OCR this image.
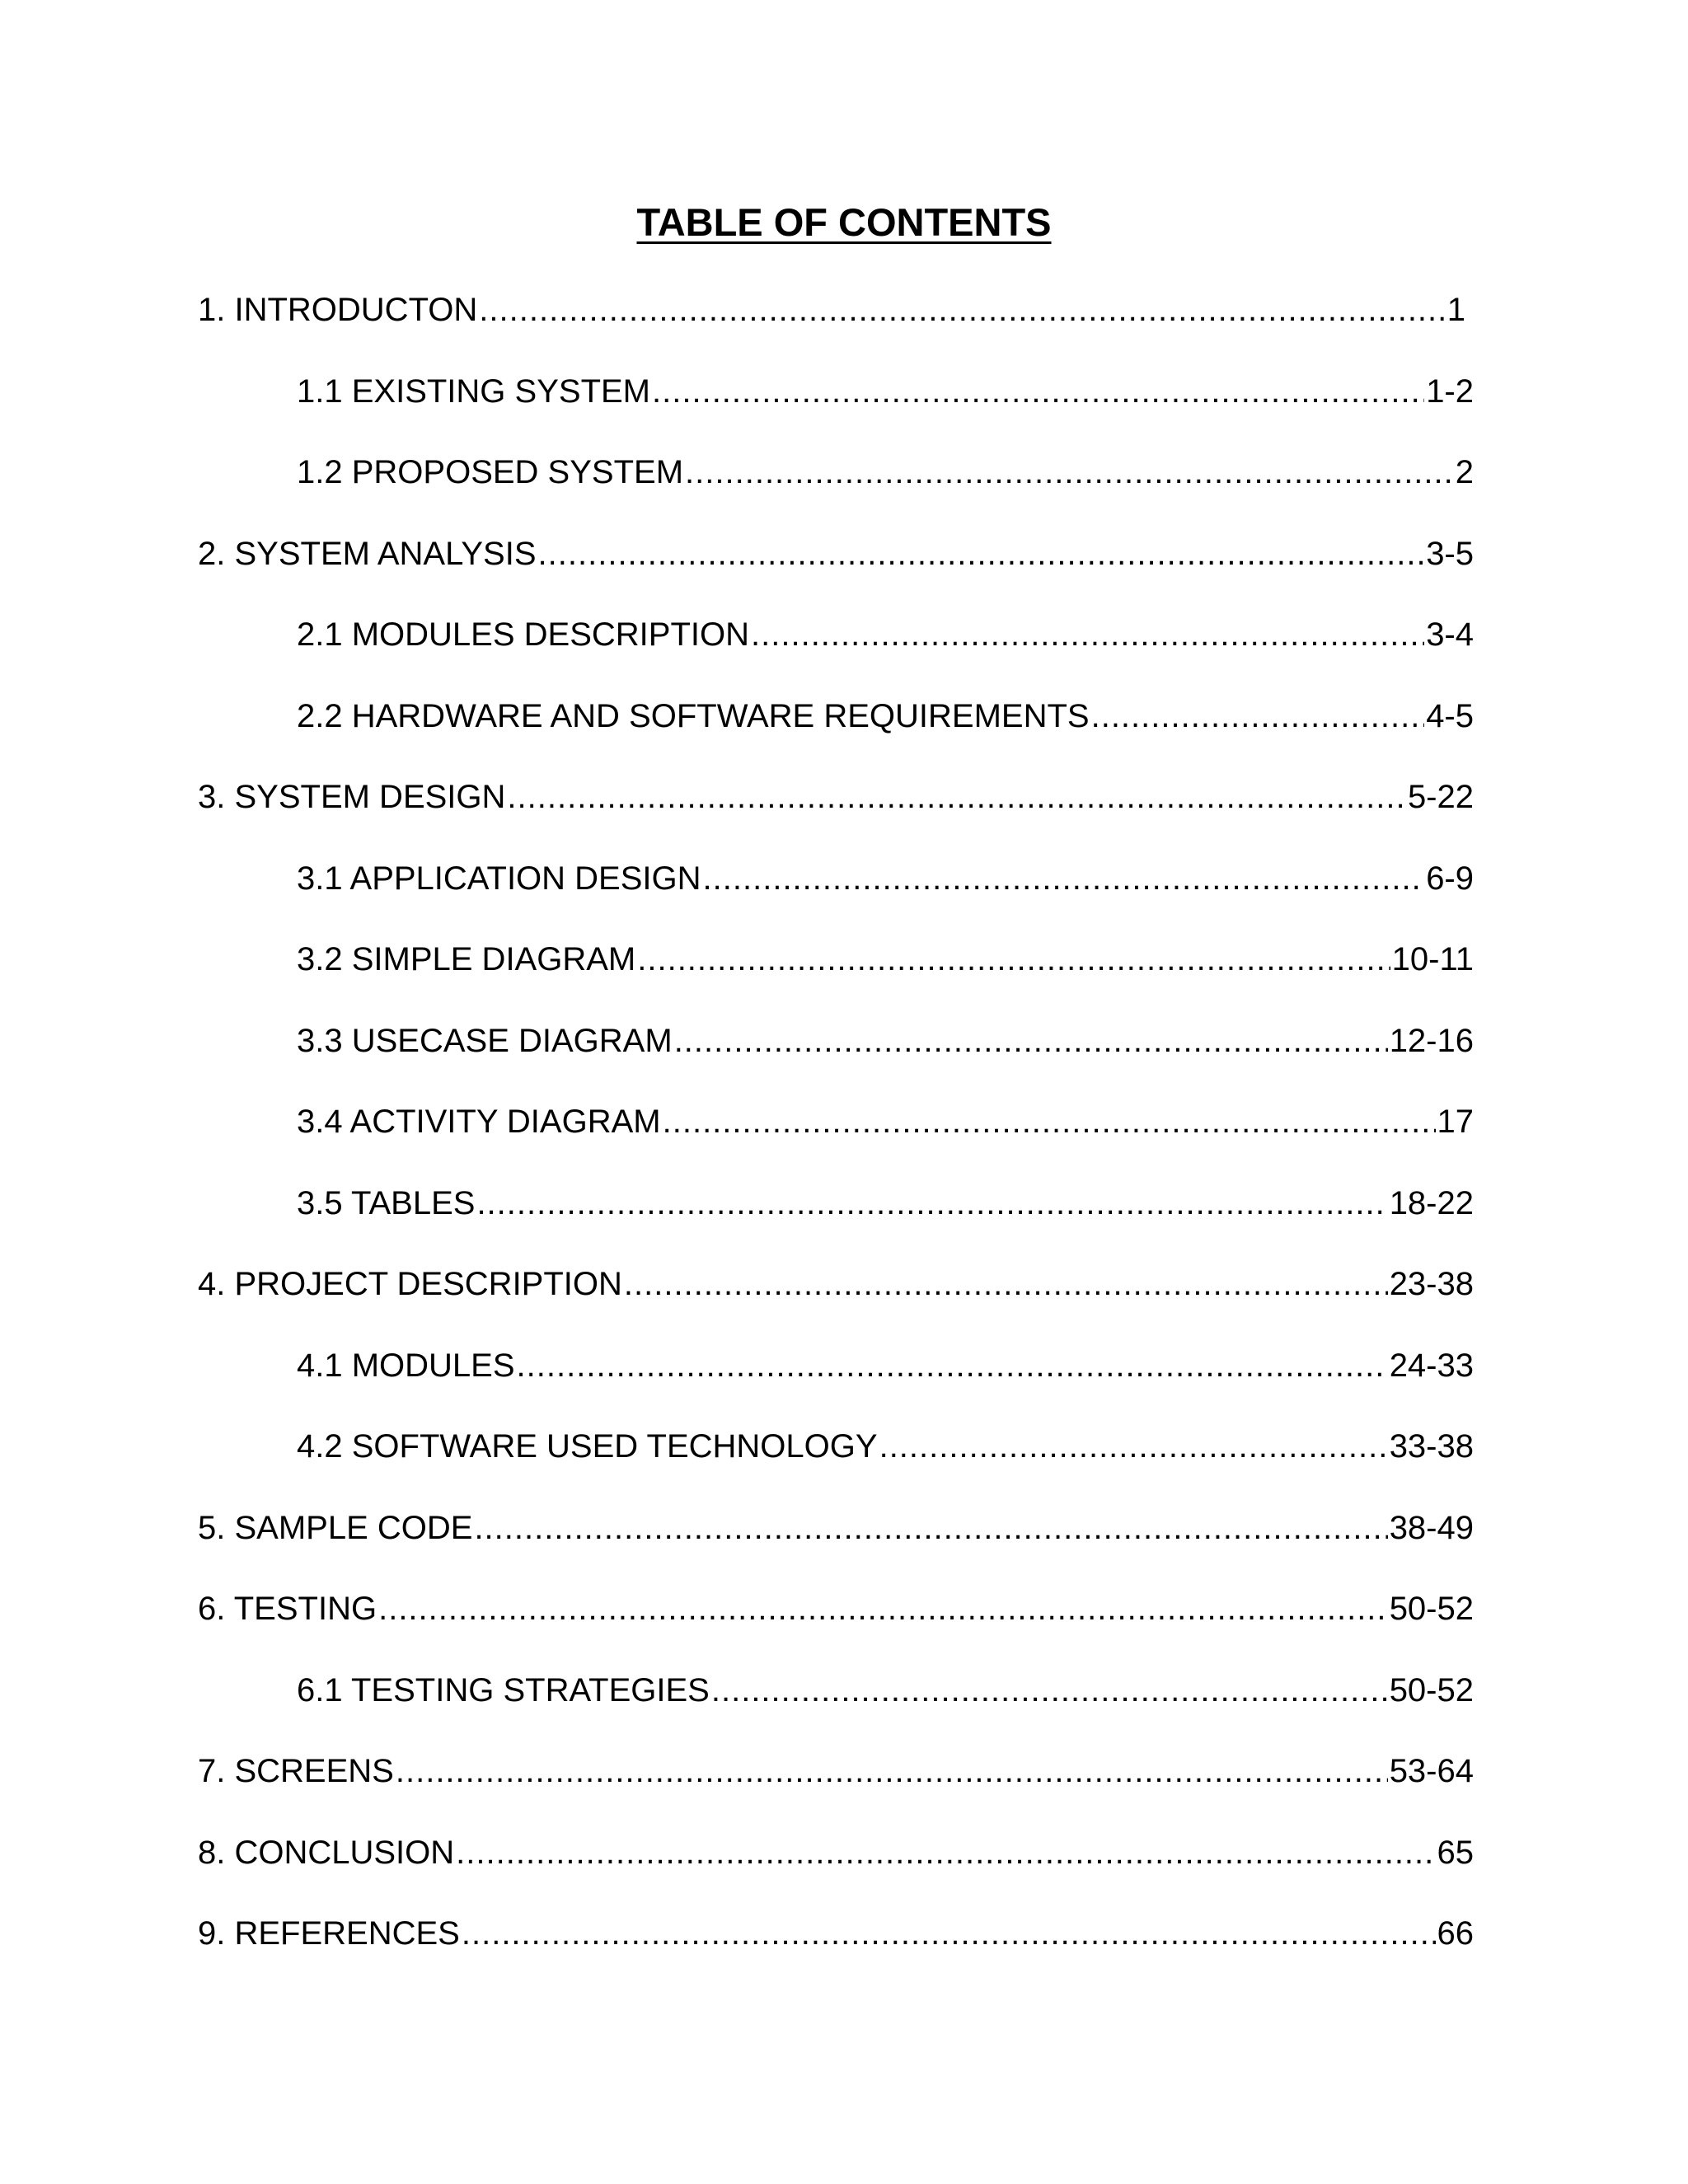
TABLE OF CONTENTS
1. INTRODUCTON .....	1
1.1 EXISTING SYSTEM .....	1-2
1.2 PROPOSED SYSTEM .....	2
2. SYSTEM ANALYSIS .....	3-5
2.1 MODULES DESCRIPTION .....	3-4
2.2 HARDWARE AND SOFTWARE REQUIREMENTS .....	4-5
3. SYSTEM DESIGN .....	5-22
3.1 APPLICATION DESIGN .....	6-9
3.2 SIMPLE DIAGRAM .....	10-11
3.3 USECASE DIAGRAM .....	12-16
3.4 ACTIVITY DIAGRAM .....	17
3.5 TABLES .....	18-22
4. PROJECT DESCRIPTION .....	23-38
4.1 MODULES .....	24-33
4.2 SOFTWARE USED TECHNOLOGY .....	33-38
5. SAMPLE CODE .....	38-49
6. TESTING .....	50-52
6.1 TESTING STRATEGIES .....	50-52
7. SCREENS .....	53-64
8. CONCLUSION .....	65
9. REFERENCES .....	66
